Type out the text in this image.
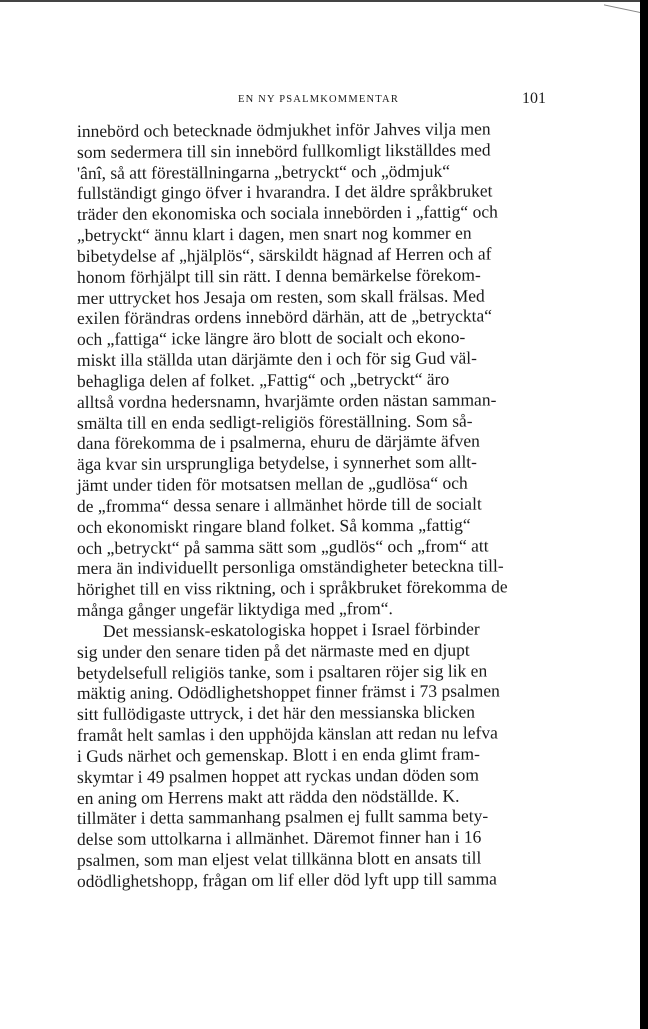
EN NY PSALMKOMMENTAR	101
innebörd och betecknade ödmjukhet inför Jahves vilja men
som sedermera till sin innebörd fullkomligt likställdes med
'ânî, så att föreställningarna „betryckt“ och „ödmjuk“
fullständigt gingo öfver i hvarandra. I det äldre språkbruket
träder den ekonomiska och sociala innebörden i „fattig“ och
„betryckt“ ännu klart i dagen, men snart nog kommer en
bibetydelse af „hjälplös“, särskildt hägnad af Herren och af
honom förhjälpt till sin rätt. I denna bemärkelse förekom-
mer uttrycket hos Jesaja om resten, som skall frälsas. Med
exilen förändras ordens innebörd därhän, att de „betryckta“
och „fattiga“ icke längre äro blott de socialt och ekono-
miskt illa ställda utan därjämte den i och för sig Gud väl-
behagliga delen af folket. „Fattig“ och „betryckt“ äro
alltså vordna hedersnamn, hvarjämte orden nästan samman-
smälta till en enda sedligt-religiös föreställning. Som så-
dana förekomma de i psalmerna, ehuru de därjämte äfven
äga kvar sin ursprungliga betydelse, i synnerhet som allt-
jämt under tiden för motsatsen mellan de „gudlösa“ och
de „fromma“ dessa senare i allmänhet hörde till de socialt
och ekonomiskt ringare bland folket. Så komma „fattig“
och „betryckt“ på samma sätt som „gudlös“ och „from“ att
mera än individuellt personliga omständigheter beteckna till-
hörighet till en viss riktning, och i språkbruket förekomma de
många gånger ungefär liktydiga med „from“.
Det messiansk-eskatologiska hoppet i Israel förbinder
sig under den senare tiden på det närmaste med en djupt
betydelsefull religiös tanke, som i psaltaren röjer sig lik en
mäktig aning. Odödlighetshoppet finner främst i 73 psalmen
sitt fullödigaste uttryck, i det här den messianska blicken
framåt helt samlas i den upphöjda känslan att redan nu lefva
i Guds närhet och gemenskap. Blott i en enda glimt fram-
skymtar i 49 psalmen hoppet att ryckas undan döden som
en aning om Herrens makt att rädda den nödställde. K.
tillmäter i detta sammanhang psalmen ej fullt samma bety-
delse som uttolkarna i allmänhet. Däremot finner han i 16
psalmen, som man eljest velat tillkänna blott en ansats till
odödlighetshopp, frågan om lif eller död lyft upp till samma
